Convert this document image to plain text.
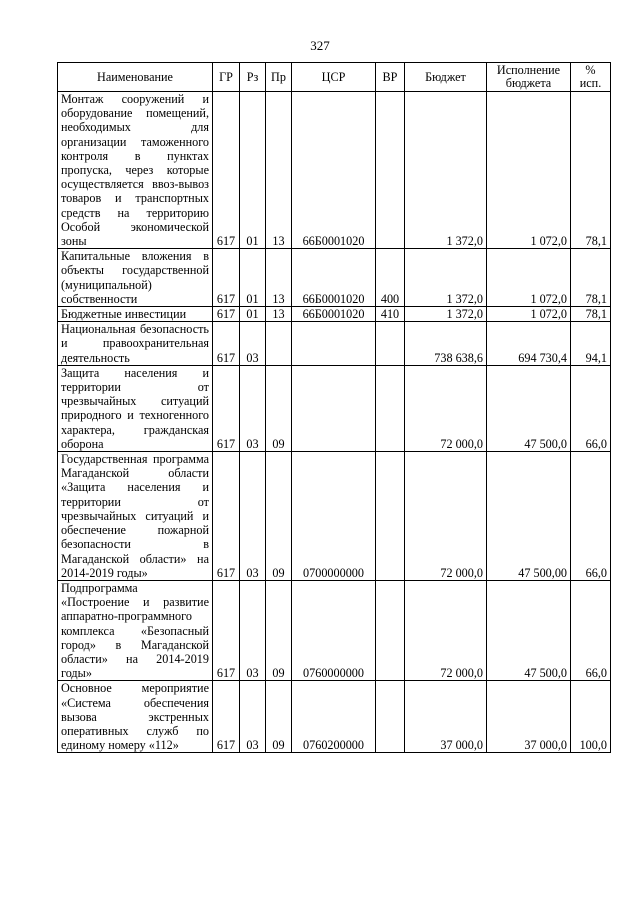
327
Наименование	ГР	Рз	Пр	ЦСР	ВР	Бюджет	Исполнение бюджета	% исп.
Монтаж сооружений и оборудование помещений, необходимых для организации таможенного контроля в пунктах пропуска, через которые осуществляется ввоз-вывоз товаров и транспортных средств на территорию Особой экономической зоны	617	01	13	66Б0001020		1 372,0	1 072,0	78,1
Капитальные вложения в объекты государственной (муниципальной) собственности	617	01	13	66Б0001020	400	1 372,0	1 072,0	78,1
Бюджетные инвестиции	617	01	13	66Б0001020	410	1 372,0	1 072,0	78,1
Национальная безопасность и правоохранительная деятельность	617	03				738 638,6	694 730,4	94,1
Защита населения и территории от чрезвычайных ситуаций природного и техногенного характера, гражданская оборона	617	03	09			72 000,0	47 500,0	66,0
Государственная программа Магаданской области «Защита населения и территории от чрезвычайных ситуаций и обеспечение пожарной безопасности в Магаданской области» на 2014-2019 годы»	617	03	09	0700000000		72 000,0	47 500,00	66,0
Подпрограмма «Построение и развитие аппаратно-программного комплекса «Безопасный город» в Магаданской области» на 2014-2019 годы»	617	03	09	0760000000		72 000,0	47 500,0	66,0
Основное мероприятие «Система обеспечения вызова экстренных оперативных служб по единому номеру «112»	617	03	09	0760200000		37 000,0	37 000,0	100,0
